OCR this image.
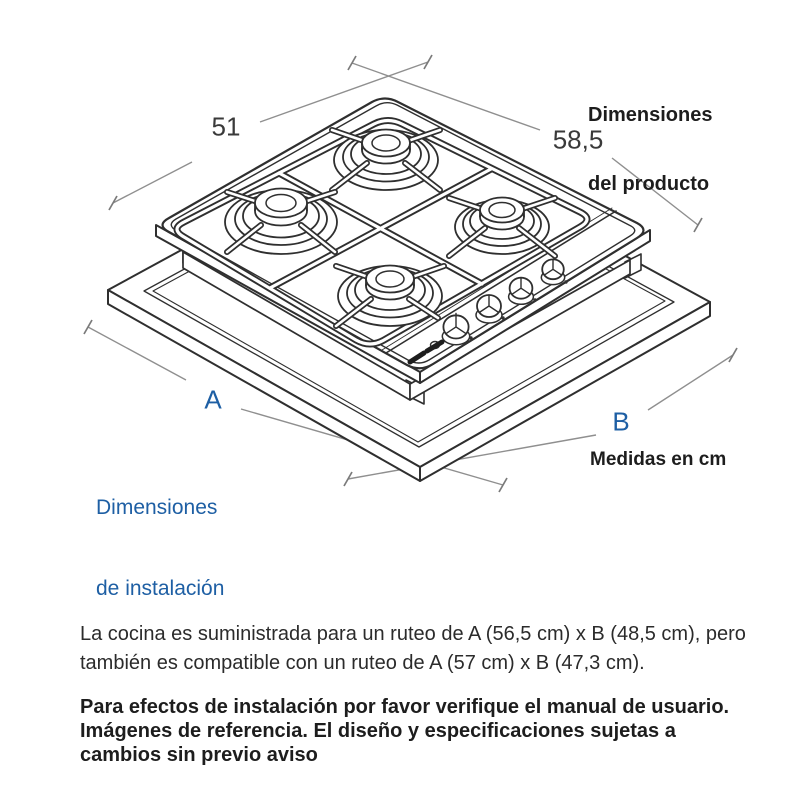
Dimensiones

del producto

51	58,5
A
B

Dimensiones

de instalación

Medidas en cm
La cocina es suministrada para un ruteo de A (56,5 cm) x B (48,5 cm), pero
también es compatible con un ruteo de A (57 cm) x B (47,3 cm).
Para efectos de instalación por favor verifique el manual de usuario.
Imágenes de referencia. El diseño y especificaciones sujetas a
cambios sin previo aviso
